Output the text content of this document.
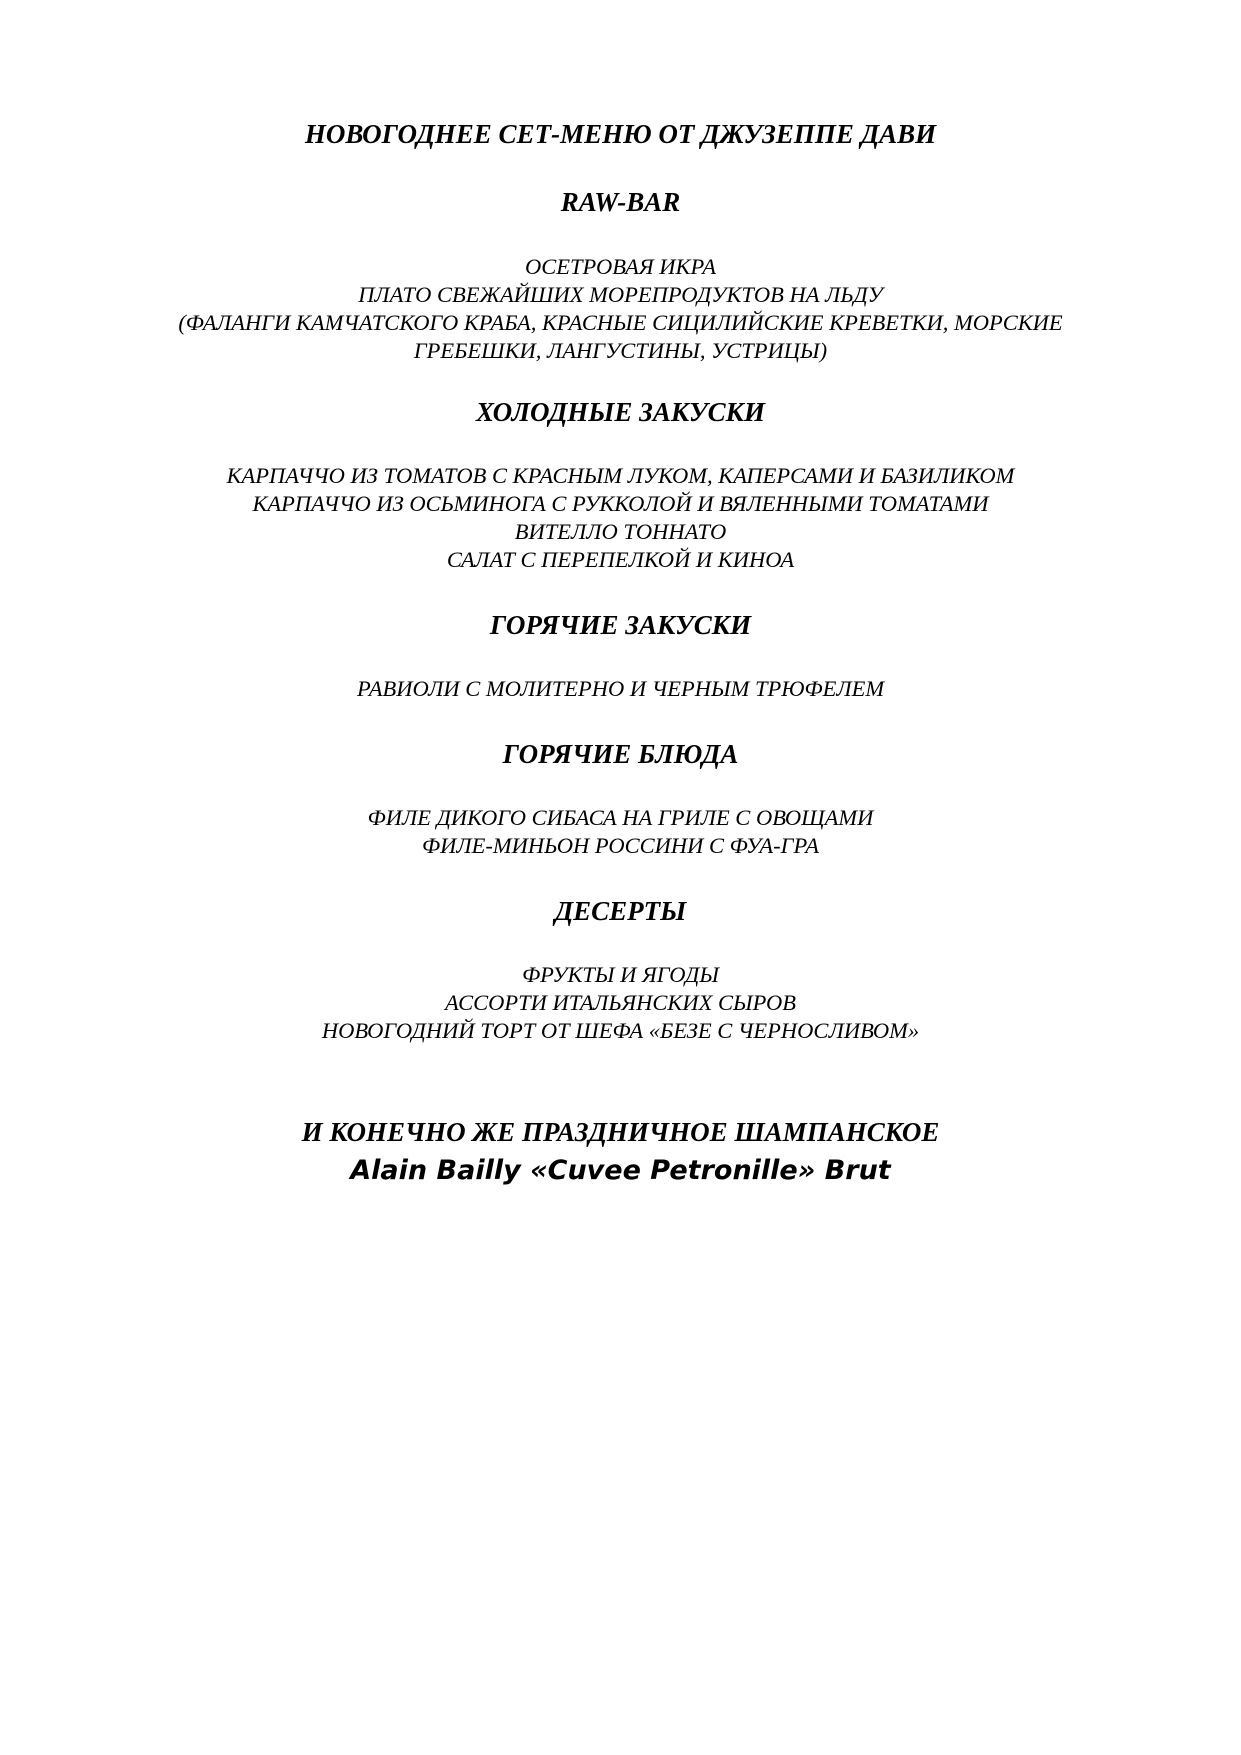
НОВОГОДНЕЕ СЕТ-МЕНЮ ОТ ДЖУЗЕППЕ ДАВИ
RAW-BAR

ОСЕТРОВАЯ ИКРА

ПЛАТО СВЕЖАЙШИХ МОРЕПРОДУКТОВ НА ЛЬДУ

(ФАЛАНГИ КАМЧАТСКОГО КРАБА, КРАСНЫЕ СИЦИЛИЙСКИЕ КРЕВЕТКИ, МОРСКИЕ

ГРЕБЕШКИ, ЛАНГУСТИНЫ, УСТРИЦЫ)

ХОЛОДНЫЕ ЗАКУСКИ

КАРПАЧЧО ИЗ ТОМАТОВ С КРАСНЫМ ЛУКОМ, КАПЕРСАМИ И БАЗИЛИКОМ

КАРПАЧЧО ИЗ ОСЬМИНОГА С РУККОЛОЙ И ВЯЛЕННЫМИ ТОМАТАМИ

ВИТЕЛЛО ТОННАТО

САЛАТ С ПЕРЕПЕЛКОЙ И КИНОА

ГОРЯЧИЕ ЗАКУСКИ

РАВИОЛИ С МОЛИТЕРНО И ЧЕРНЫМ ТРЮФЕЛЕМ

ГОРЯЧИЕ БЛЮДА

ФИЛЕ ДИКОГО СИБАСА НА ГРИЛЕ С ОВОЩАМИ

ФИЛЕ-МИНЬОН РОССИНИ С ФУА-ГРА

ДЕСЕРТЫ

ФРУКТЫ И ЯГОДЫ

АССОРТИ ИТАЛЬЯНСКИХ СЫРОВ

НОВОГОДНИЙ ТОРТ ОТ ШЕФА «БЕЗЕ С ЧЕРНОСЛИВОМ»

И КОНЕЧНО ЖЕ ПРАЗДНИЧНОЕ ШАМПАНСКОЕ

Alain Bailly «Cuvee Petronille» Brut
